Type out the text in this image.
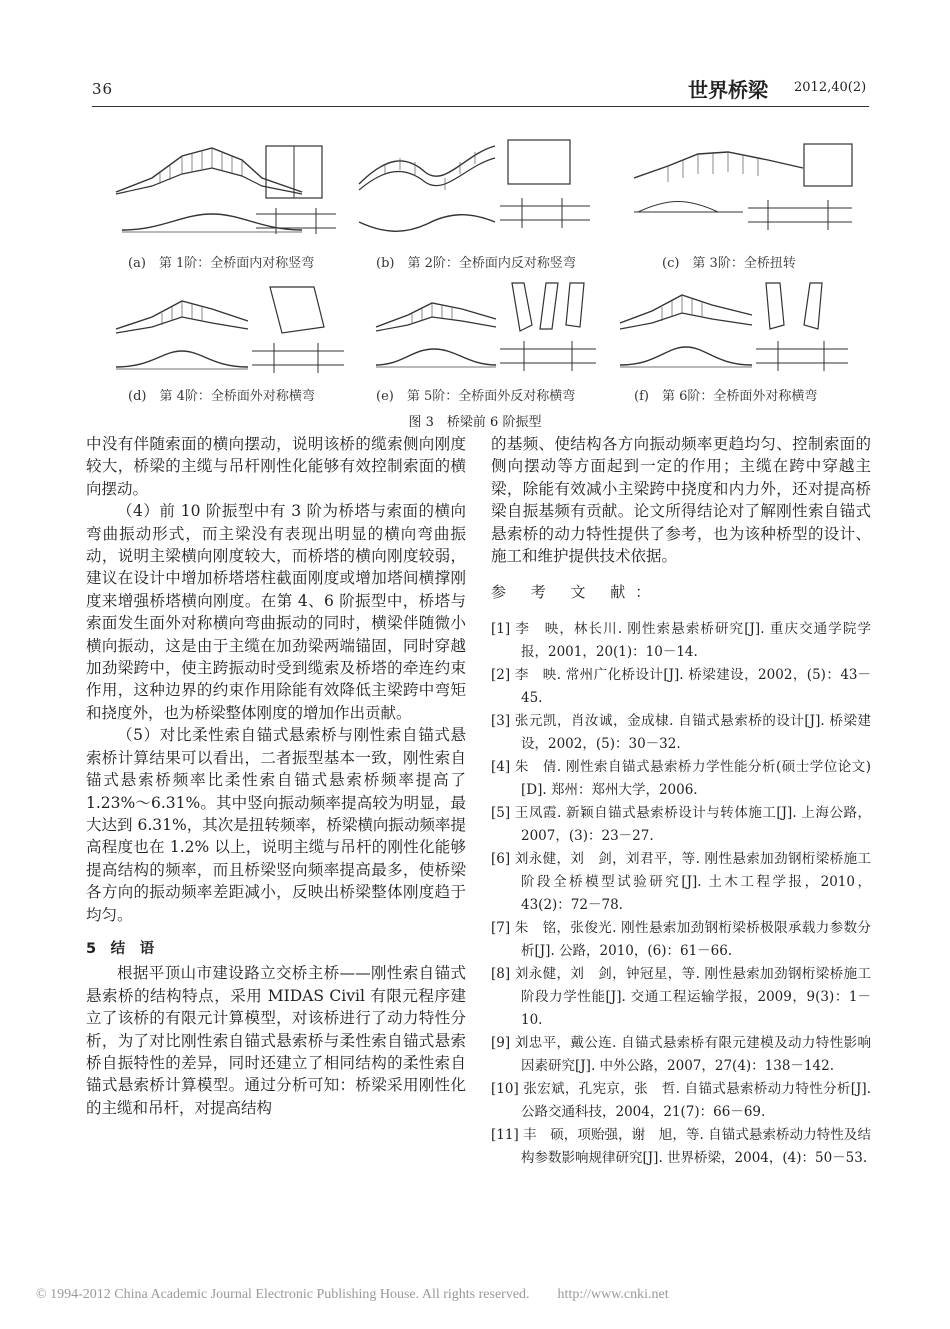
36	世界桥梁 2012,40(2)
(a)　第 1阶：全桥面内对称竖弯	(b)　第 2阶：全桥面内反对称竖弯	(c)　第 3阶：全桥扭转
(d)　第 4阶：全桥面外对称横弯	(e)　第 5阶：全桥面外反对称横弯	(f)　第 6阶：全桥面外对称横弯
图 3　桥梁前 6 阶振型

中没有伴随索面的横向摆动，说明该桥的缆索侧向刚度较大，桥梁的主缆与吊杆刚性化能够有效控制索面的横向摆动。

（4）前 10 阶振型中有 3 阶为桥塔与索面的横向弯曲振动形式，而主梁没有表现出明显的横向弯曲振动，说明主梁横向刚度较大，而桥塔的横向刚度较弱，建议在设计中增加桥塔塔柱截面刚度或增加塔间横撑刚度来增强桥塔横向刚度。在第 4、6 阶振型中，桥塔与索面发生面外对称横向弯曲振动的同时，横梁伴随微小横向振动，这是由于主缆在加劲梁两端锚固，同时穿越加劲梁跨中，使主跨振动时受到缆索及桥塔的牵连约束作用，这种边界的约束作用除能有效降低主梁跨中弯矩和挠度外，也为桥梁整体刚度的增加作出贡献。

（5）对比柔性索自锚式悬索桥与刚性索自锚式悬索桥计算结果可以看出，二者振型基本一致，刚性索自锚式悬索桥频率比柔性索自锚式悬索桥频率提高了 1.23%～6.31%。其中竖向振动频率提高较为明显，最大达到 6.31%，其次是扭转频率，桥梁横向振动频率提高程度也在 1.2% 以上，说明主缆与吊杆的刚性化能够提高结构的频率，而且桥梁竖向频率提高最多，使桥梁各方向的振动频率差距减小，反映出桥梁整体刚度趋于均匀。

5　结　语

根据平顶山市建设路立交桥主桥——刚性索自锚式悬索桥的结构特点，采用 MIDAS Civil 有限元程序建立了该桥的有限元计算模型，对该桥进行了动力特性分析，为了对比刚性索自锚式悬索桥与柔性索自锚式悬索桥自振特性的差异，同时还建立了相同结构的柔性索自锚式悬索桥计算模型。通过分析可知：桥梁采用刚性化的主缆和吊杆，对提高结构

的基频、使结构各方向振动频率更趋均匀、控制索面的侧向摆动等方面起到一定的作用；主缆在跨中穿越主梁，除能有效减小主梁跨中挠度和内力外，还对提高桥梁自振基频有贡献。论文所得结论对了解刚性索自锚式悬索桥的动力特性提供了参考，也为该种桥型的设计、施工和维护提供技术依据。

参 考 文 献：

[1] 李　映，林长川. 刚性索悬索桥研究[J]. 重庆交通学院学报，2001，20(1)：10－14.

[2] 李　映. 常州广化桥设计[J]. 桥梁建设，2002，(5)：43－45.

[3] 张元凯，肖汝诚，金成棣. 自锚式悬索桥的设计[J]. 桥梁建设，2002，(5)：30－32.

[4] 朱　倩. 刚性索自锚式悬索桥力学性能分析(硕士学位论文)[D]. 郑州：郑州大学，2006.

[5] 王凤霞. 新颖自锚式悬索桥设计与转体施工[J]. 上海公路，2007，(3)：23－27.

[6] 刘永健，刘　剑，刘君平，等. 刚性悬索加劲钢桁梁桥施工阶段全桥模型试验研究[J]. 土木工程学报，2010，43(2)：72－78.

[7] 朱　铭，张俊光. 刚性悬索加劲钢桁梁桥极限承载力参数分析[J]. 公路，2010，(6)：61－66.

[8] 刘永健，刘　剑，钟冠星，等. 刚性悬索加劲钢桁梁桥施工阶段力学性能[J]. 交通工程运输学报，2009，9(3)：1－10.

[9] 刘忠平，戴公连. 自锚式悬索桥有限元建模及动力特性影响因素研究[J]. 中外公路，2007，27(4)：138－142.

[10] 张宏斌，孔宪京，张　哲. 自锚式悬索桥动力特性分析[J]. 公路交通科技，2004，21(7)：66－69.

[11] 丰　硕，项贻强，谢　旭，等. 自锚式悬索桥动力特性及结构参数影响规律研究[J]. 世界桥梁，2004，(4)：50－53.

© 1994-2012 China Academic Journal Electronic Publishing House. All rights reserved.　　http://www.cnki.net
